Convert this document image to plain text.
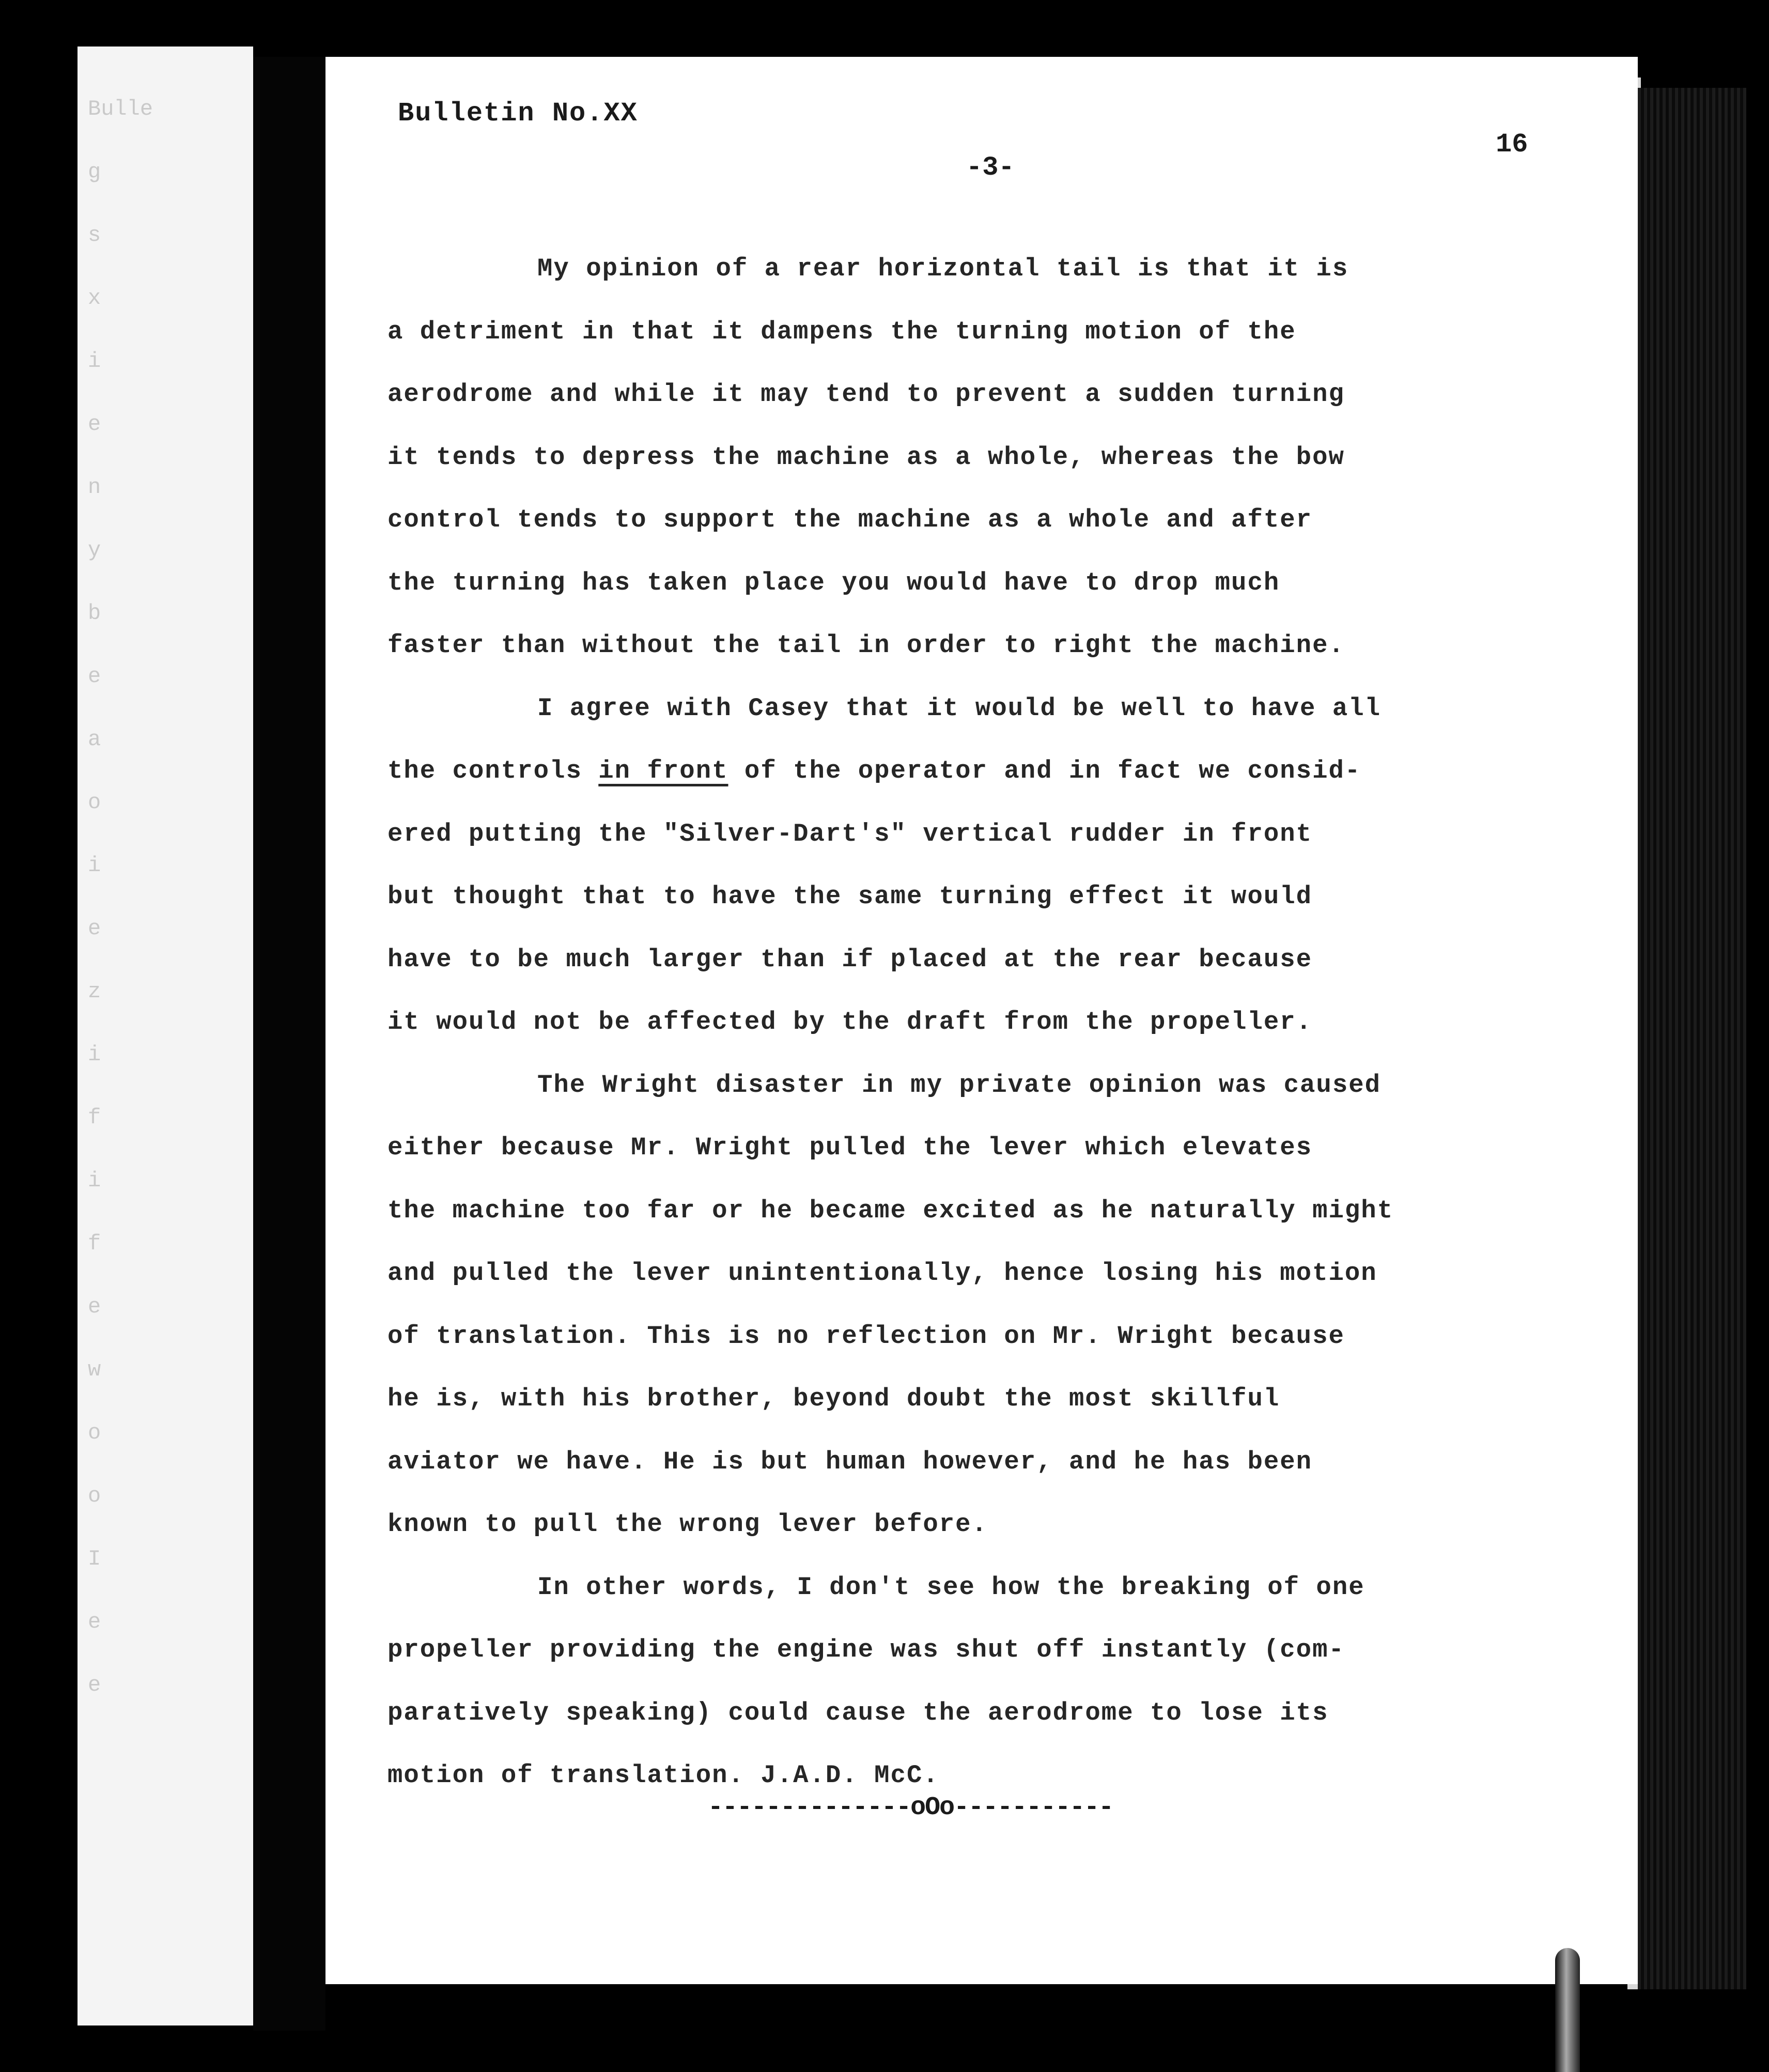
Bulle
g
s
x
i
e
n
y
b
e
a
o
i
e
z
i
f
i
f
e
w
o
o
I
e
e
Bulletin No.XX
16
-3-
My opinion of a rear horizontal tail is that it is
a detriment in that it dampens the turning motion of the
aerodrome and while it may tend to prevent a sudden turning
it tends to depress the machine as a whole, whereas the bow
control tends to support the machine as a whole and after
the turning has taken place you would have to drop much
faster than without the tail in order to right the machine.
I agree with Casey that it would be well to have all
the controls in front of the operator and in fact we consid-
ered putting the "Silver-Dart's" vertical rudder in front
but thought that to have the same turning effect it would
have to be much larger than if placed at the rear because
it would not be affected by the draft from the propeller.
The Wright disaster in my private opinion was caused
either because Mr. Wright pulled the lever which elevates
the machine too far or he became excited as he naturally might
and pulled the lever unintentionally, hence losing his motion
of translation. This is no reflection on Mr. Wright because
he is, with his brother, beyond doubt the most skillful
aviator we have. He is but human however, and he has been
known to pull the wrong lever before.
In other words, I don't see how the breaking of one
propeller providing the engine was shut off instantly (com-
paratively speaking) could cause the aerodrome to lose its
motion of translation. J.A.D. McC.
--------------oOo-----------
